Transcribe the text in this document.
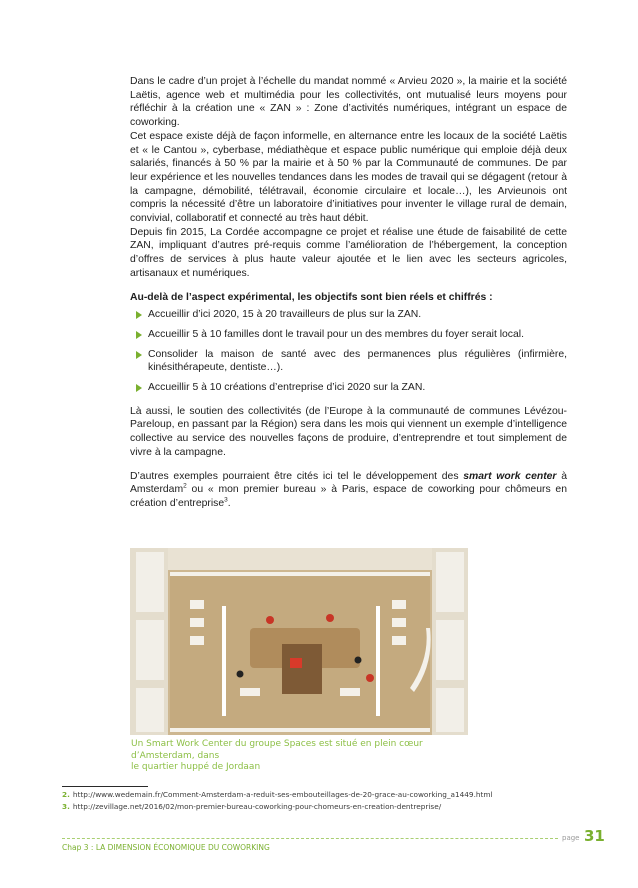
Dans le cadre d’un projet à l’échelle du mandat nommé « Arvieu 2020 », la mairie et la société Laëtis, agence web et multimédia pour les collectivités, ont mutualisé leurs moyens pour réfléchir à la création une « ZAN » : Zone d’activités numériques, intégrant un espace de coworking.

Cet espace existe déjà de façon informelle, en alternance entre les locaux de la société Laëtis et « le Cantou », cyberbase, médiathèque et espace public numérique qui emploie déjà deux salariés, financés à 50 % par la mairie et à 50 % par la Communauté de communes. De par leur expérience et les nouvelles tendances dans les modes de travail qui se dégagent (retour à la campagne, démobilité, télétravail, économie circulaire et locale…), les Arvieunois ont compris la nécessité d’être un laboratoire d’initiatives pour inventer le village rural de demain, convivial, collaboratif et connecté au très haut débit.

Depuis fin 2015, La Cordée accompagne ce projet et réalise une étude de faisabilité de cette ZAN, impliquant d’autres pré-requis comme l’amélioration de l’hébergement, la conception d’offres de services à plus haute valeur ajoutée et le lien avec les secteurs agricoles, artisanaux et numériques.

Au-delà de l’aspect expérimental, les objectifs sont bien réels et chiffrés :

Accueillir d’ici 2020, 15 à 20 travailleurs de plus sur la ZAN.
Accueillir 5 à 10 familles dont le travail pour un des membres du foyer serait local.
Consolider la maison de santé avec des permanences plus régulières (infirmière, kinésithérapeute, dentiste…).
Accueillir 5 à 10 créations d’entreprise d’ici 2020 sur la ZAN.

Là aussi, le soutien des collectivités (de l’Europe à la communauté de communes Lévézou-Pareloup, en passant par la Région) sera dans les mois qui viennent un exemple d’intelligence collective au service des nouvelles façons de produire, d’entreprendre et tout simplement de vivre à la campagne.

D’autres exemples pourraient être cités ici tel le développement des smart work center à Amsterdam$^2$ ou « mon premier bureau » à Paris, espace de coworking pour chômeurs en création d’entreprise$^3$.

Un Smart Work Center du groupe Spaces est situé en plein cœur d’Amsterdam, dans
le quartier huppé de Jordaan
2. http://www.wedemain.fr/Comment-Amsterdam-a-reduit-ses-embouteillages-de-20-grace-au-coworking_a1449.html
3. http://zevillage.net/2016/02/mon-premier-bureau-coworking-pour-chomeurs-en-creation-dentreprise/
Chap 3 : LA DIMENSION ÉCONOMIQUE DU COWORKING
page 31
